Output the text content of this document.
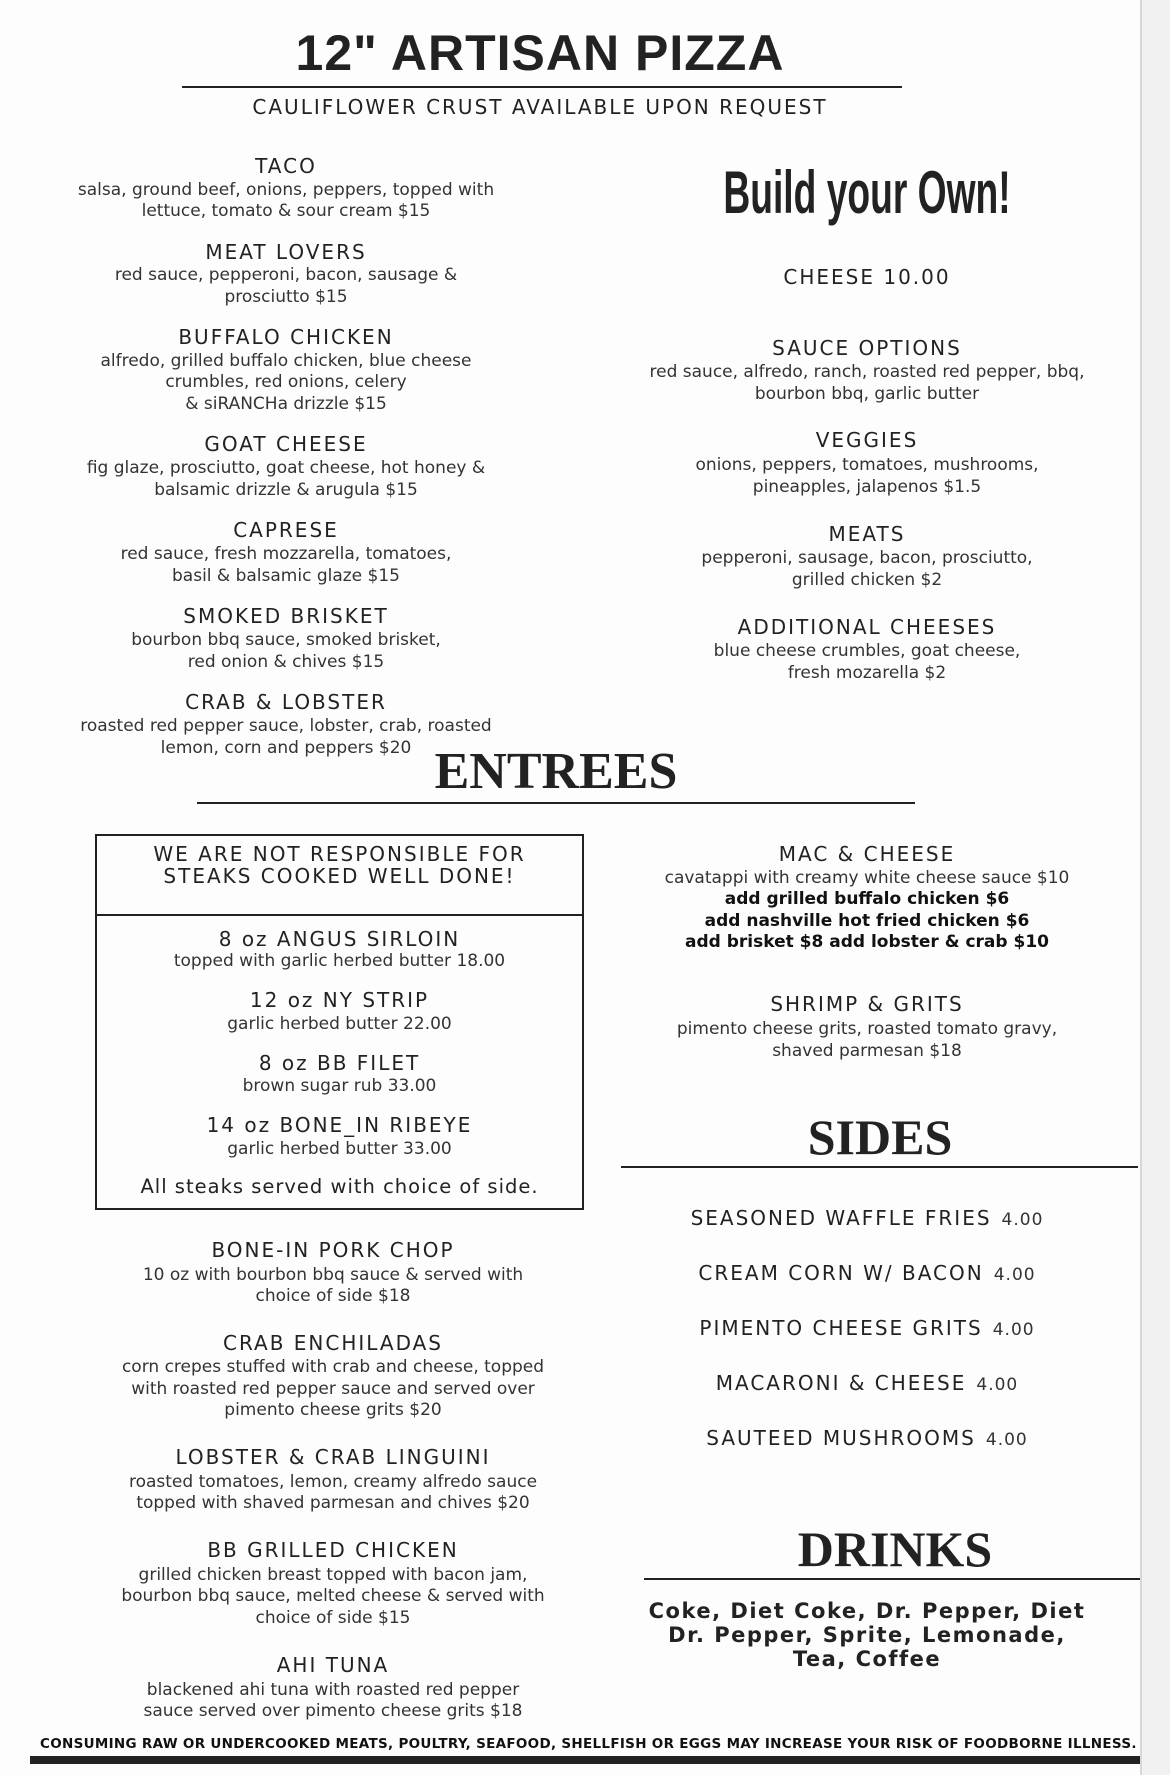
12" ARTISAN PIZZA
CAULIFLOWER CRUST AVAILABLE UPON REQUEST
TACO
salsa, ground beef, onions, peppers, topped with
lettuce, tomato & sour cream $15
MEAT LOVERS
red sauce, pepperoni, bacon, sausage &
prosciutto $15
BUFFALO CHICKEN
alfredo, grilled buffalo chicken, blue cheese
crumbles, red onions, celery
& siRANCHa drizzle $15
GOAT CHEESE
fig glaze, prosciutto, goat cheese, hot honey &
balsamic drizzle & arugula $15
CAPRESE
red sauce, fresh mozzarella, tomatoes,
basil & balsamic glaze $15
SMOKED BRISKET
bourbon bbq sauce, smoked brisket,
red onion & chives $15
CRAB & LOBSTER
roasted red pepper sauce, lobster, crab, roasted
lemon, corn and peppers $20
Build your Own!
CHEESE 10.00
SAUCE OPTIONS
red sauce, alfredo, ranch, roasted red pepper, bbq,
bourbon bbq, garlic butter
VEGGIES
onions, peppers, tomatoes, mushrooms,
pineapples, jalapenos $1.5
MEATS
pepperoni, sausage, bacon, prosciutto,
grilled chicken $2
ADDITIONAL CHEESES
blue cheese crumbles, goat cheese,
fresh mozarella $2
ENTREES
WE ARE NOT RESPONSIBLE FOR
STEAKS COOKED WELL DONE!
8 oz ANGUS SIRLOIN
topped with garlic herbed butter 18.00
12 oz NY STRIP
garlic herbed butter 22.00
8 oz BB FILET
brown sugar rub 33.00
14 oz BONE_IN RIBEYE
garlic herbed butter 33.00
All steaks served with choice of side.
BONE-IN PORK CHOP
10 oz with bourbon bbq sauce & served with
choice of side $18
CRAB ENCHILADAS
corn crepes stuffed with crab and cheese, topped
with roasted red pepper sauce and served over
pimento cheese grits $20
LOBSTER & CRAB LINGUINI
roasted tomatoes, lemon, creamy alfredo sauce
topped with shaved parmesan and chives $20
BB GRILLED CHICKEN
grilled chicken breast topped with bacon jam,
bourbon bbq sauce, melted cheese & served with
choice of side $15
AHI TUNA
blackened ahi tuna with roasted red pepper
sauce served over pimento cheese grits $18
MAC & CHEESE
cavatappi with creamy white cheese sauce $10
add grilled buffalo chicken $6
add nashville hot fried chicken $6
add brisket $8 add lobster & crab $10
SHRIMP & GRITS
pimento cheese grits, roasted tomato gravy,
shaved parmesan $18
SIDES
SEASONED WAFFLE FRIES 4.00
CREAM CORN W/ BACON 4.00
PIMENTO CHEESE GRITS 4.00
MACARONI & CHEESE 4.00
SAUTEED MUSHROOMS 4.00
DRINKS
Coke, Diet Coke, Dr. Pepper, Diet
Dr. Pepper, Sprite, Lemonade,
Tea, Coffee
CONSUMING RAW OR UNDERCOOKED MEATS, POULTRY, SEAFOOD, SHELLFISH OR EGGS MAY INCREASE YOUR RISK OF FOODBORNE ILLNESS.
